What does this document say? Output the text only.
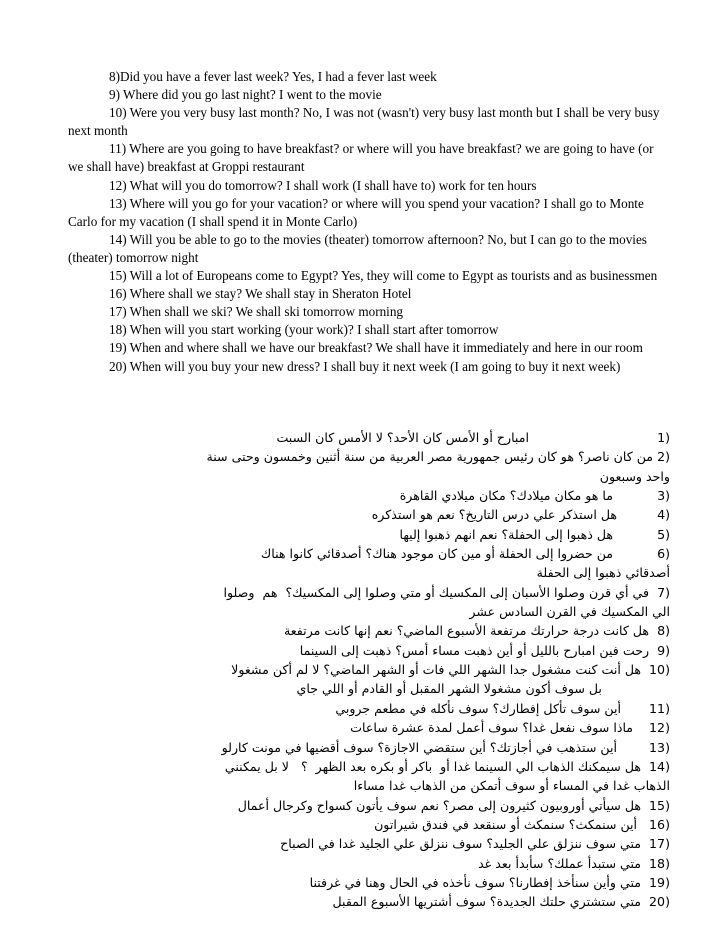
8)Did you have a fever last week? Yes, I had a fever last week

9) Where did you go last night? I went to the movie

10) Were you very busy last month? No, I was not (wasn't) very busy last month but I shall be very busy next month

11) Where are you going to have breakfast? or where will you have breakfast? we are going to have (or we shall have) breakfast at Groppi restaurant

12) What will you do tomorrow? I shall work (I shall have to) work for ten hours

13) Where will you go for your vacation? or where will you spend your vacation? I shall go to Monte Carlo for my vacation (I shall spend it in Monte Carlo)

14) Will you be able to go to the movies (theater) tomorrow afternoon? No, but I can go to the movies (theater) tomorrow night

15) Will a lot of Europeans come to Egypt? Yes, they will come to Egypt as tourists and as businessmen

16) Where shall we stay? We shall stay in Sheraton Hotel

17) When shall we ski? We shall ski tomorrow morning

18) When will you start working (your work)? I shall start after tomorrow

19) When and where shall we have our breakfast? We shall have it immediately and here in our room

20) When will you buy your new dress? I shall buy it next week (I am going to buy it next week)

1)                                امبارح أو الأمس كان الأحد؟ لا الأمس كان السبت

2) من كان ناصر؟ هو كان رئيس جمهورية مصر العربية من سنة أثنين وخمسون وحتى سنة

واحد وسبعون

3)           ما هو مكان ميلادك؟ مكان ميلادي القاهرة

4)          هل استذكر علي درس التاريخ؟ نعم هو استذكره

5)           هل ذهبوا إلى الحفلة؟ نعم انهم ذهبوا إليها

6)           من حضروا إلى الحفلة أو مين كان موجود هناك؟ أصدقائي كانوا هناك

أصدقائي ذهبوا إلى الحفلة

7)  في أي قرن وصلوا الأسبان إلى المكسيك أو متي وصلوا إلى المكسيك؟  هم  وصلوا

الي المكسيك في القرن السادس عشر

8)  هل كانت درجة حرارتك مرتفعة الأسبوع الماضي؟ نعم إنها كانت مرتفعة

9)  رحت فين امبارح بالليل أو أين ذهبت مساء أمس؟ ذهبت إلى السينما

10)  هل أنت كنت مشغول جدا الشهر اللي فات أو الشهر الماضي؟ لا لم أكن مشغولا

بل سوف أكون مشغولا الشهر المقبل أو القادم أو اللي جاي

11)       أين سوف تأكل إفطارك؟ سوف نأكله في مطعم جروبي

12)    ماذا سوف نفعل غدا؟ سوف أعمل لمدة عشرة ساعات

13)        أين ستذهب في أجازتك؟ أين ستقضي الاجازة؟ سوف أقضيها في مونت كارلو

14)  هل سيمكنك الذهاب الي السينما غدا أو  باكر أو بكره بعد الظهر  ؟   لا بل يمكنني

الذهاب غدا في المساء أو سوف أتمكن من الذهاب غدا مساءا

15)  هل سيأتي أوروبيون كثيرون إلى مصر؟ نعم سوف يأتون كسواح وكرجال أعمال

16)   أين سنمكث؟ سنمكث أو سنقعد في فندق شيراتون

17)  متي سوف ننزلق علي الجليد؟ سوف ننزلق علي الجليد غدا في الصباح

18)  متي ستبدأ عملك؟ سأبدأ بعد غد

19)  متي وأين سنأخذ إفطارنا؟ سوف نأخذه في الحال وهنا في غرفتنا

20)  متي ستشتري حلتك الجديدة؟ سوف أشتريها الأسبوع المقبل
